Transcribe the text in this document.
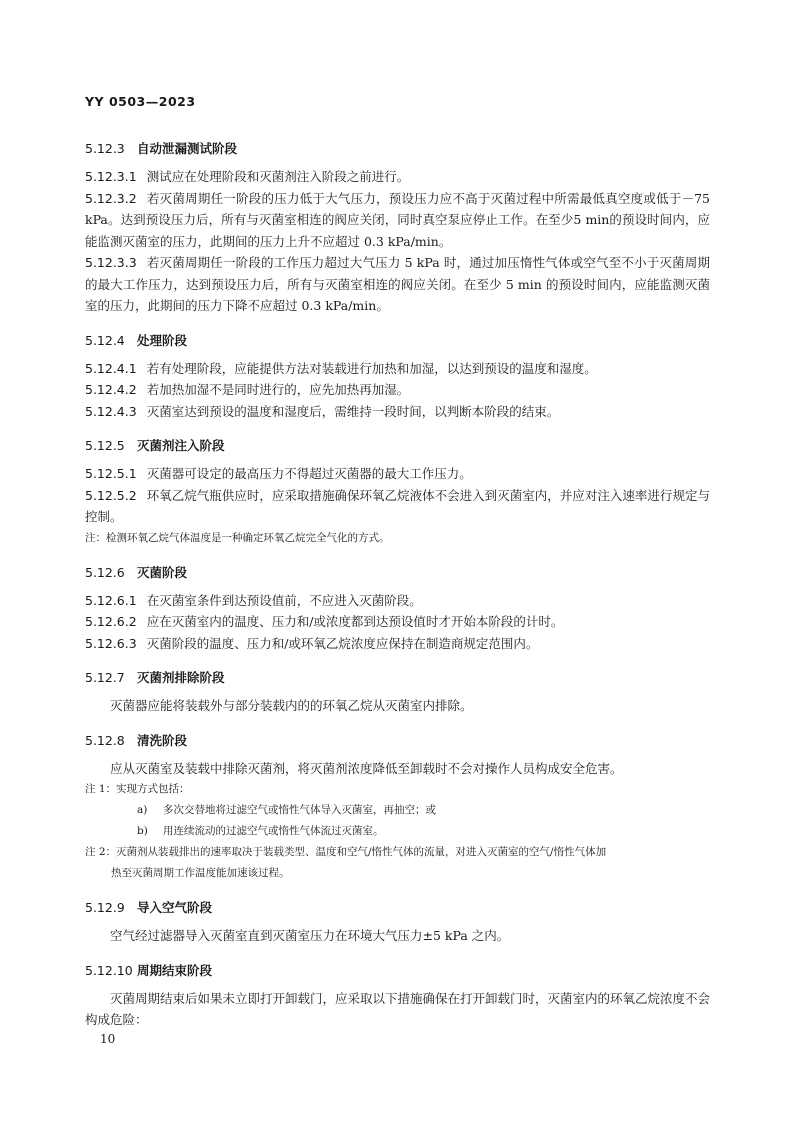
YY 0503—2023

5.12.3 自动泄漏测试阶段

5.12.3.1 测试应在处理阶段和灭菌剂注入阶段之前进行。

5.12.3.2 若灭菌周期任一阶段的压力低于大气压力，预设压力应不高于灭菌过程中所需最低真空度或低于－75 kPa。达到预设压力后，所有与灭菌室相连的阀应关闭，同时真空泵应停止工作。在至少5 min的预设时间内，应能监测灭菌室的压力，此期间的压力上升不应超过 0.3 kPa/min。

5.12.3.3 若灭菌周期任一阶段的工作压力超过大气压力 5 kPa 时，通过加压惰性气体或空气至不小于灭菌周期的最大工作压力，达到预设压力后，所有与灭菌室相连的阀应关闭。在至少 5 min 的预设时间内，应能监测灭菌室的压力，此期间的压力下降不应超过 0.3 kPa/min。

5.12.4 处理阶段

5.12.4.1 若有处理阶段，应能提供方法对装载进行加热和加湿，以达到预设的温度和湿度。

5.12.4.2 若加热加湿不是同时进行的，应先加热再加湿。

5.12.4.3 灭菌室达到预设的温度和湿度后，需维持一段时间，以判断本阶段的结束。

5.12.5 灭菌剂注入阶段

5.12.5.1 灭菌器可设定的最高压力不得超过灭菌器的最大工作压力。

5.12.5.2 环氧乙烷气瓶供应时，应采取措施确保环氧乙烷液体不会进入到灭菌室内，并应对注入速率进行规定与控制。

注：检测环氧乙烷气体温度是一种确定环氧乙烷完全气化的方式。

5.12.6 灭菌阶段

5.12.6.1 在灭菌室条件到达预设值前，不应进入灭菌阶段。

5.12.6.2 应在灭菌室内的温度、压力和/或浓度都到达预设值时才开始本阶段的计时。

5.12.6.3 灭菌阶段的温度、压力和/或环氧乙烷浓度应保持在制造商规定范围内。

5.12.7 灭菌剂排除阶段

灭菌器应能将装载外与部分装载内的的环氧乙烷从灭菌室内排除。

5.12.8 清洗阶段

应从灭菌室及装载中排除灭菌剂，将灭菌剂浓度降低至卸载时不会对操作人员构成安全危害。

注 1：实现方式包括：

a) 多次交替地将过滤空气或惰性气体导入灭菌室，再抽空；或

b) 用连续流动的过滤空气或惰性气体流过灭菌室。

注 2：灭菌剂从装载排出的速率取决于装载类型、温度和空气/惰性气体的流量，对进入灭菌室的空气/惰性气体加

热至灭菌周期工作温度能加速该过程。

5.12.9 导入空气阶段

空气经过滤器导入灭菌室直到灭菌室压力在环境大气压力±5 kPa 之内。

5.12.10 周期结束阶段

灭菌周期结束后如果未立即打开卸载门，应采取以下措施确保在打开卸载门时，灭菌室内的环氧乙烷浓度不会构成危险：

10
